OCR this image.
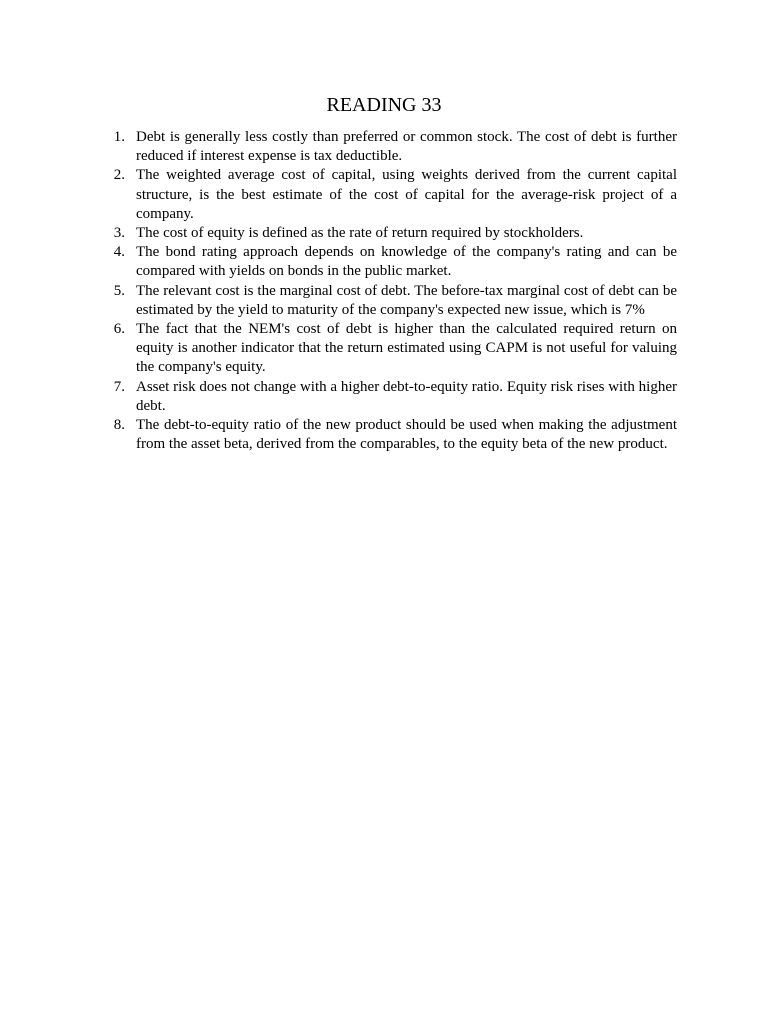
READING 33
1. Debt is generally less costly than preferred or common stock. The cost of debt is further reduced if interest expense is tax deductible.
2. The weighted average cost of capital, using weights derived from the current capital structure, is the best estimate of the cost of capital for the average-risk project of a company.
3. The cost of equity is defined as the rate of return required by stockholders.
4. The bond rating approach depends on knowledge of the company's rating and can be compared with yields on bonds in the public market.
5. The relevant cost is the marginal cost of debt. The before-tax marginal cost of debt can be estimated by the yield to maturity of the company's expected new issue, which is 7%
6. The fact that the NEM's cost of debt is higher than the calculated required return on equity is another indicator that the return estimated using CAPM is not useful for valuing the company's equity.
7. Asset risk does not change with a higher debt-to-equity ratio. Equity risk rises with higher debt.
8. The debt-to-equity ratio of the new product should be used when making the adjustment from the asset beta, derived from the comparables, to the equity beta of the new product.
